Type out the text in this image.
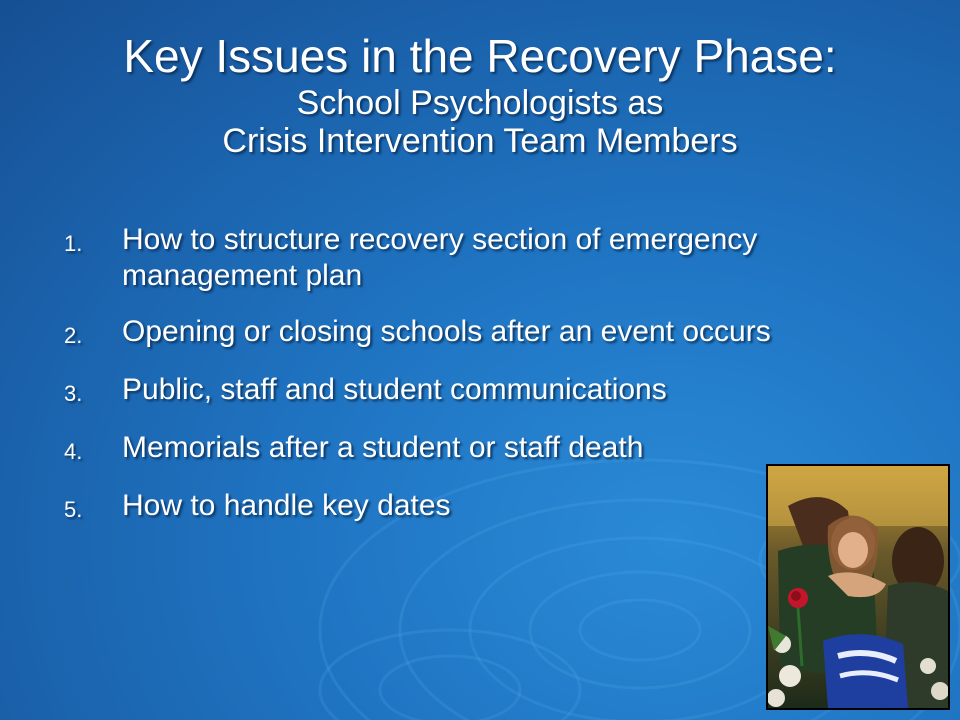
Key Issues in the Recovery Phase:
School Psychologists as
Crisis Intervention Team Members
1. How to structure recovery section of emergency management plan
2. Opening or closing schools after an event occurs
3. Public, staff and student communications
4. Memorials after a student or staff death
5. How to handle key dates
